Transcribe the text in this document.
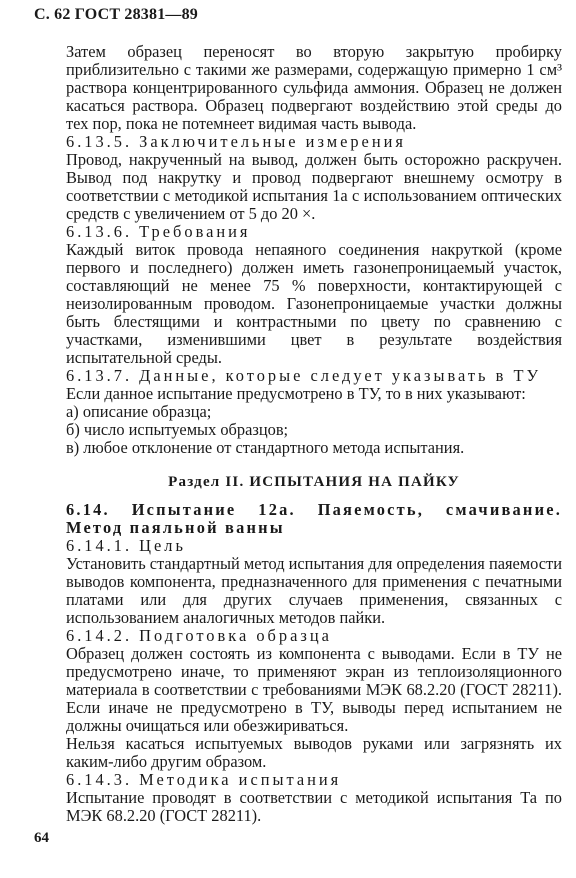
С. 62 ГОСТ 28381—89

Затем образец переносят во вторую закрытую пробирку приблизительно с такими же размерами, содержащую примерно 1 см³ раствора концентрированного сульфида аммония. Образец не должен касаться раствора. Образец подвергают воздействию этой среды до тех пор, пока не потемнеет видимая часть вывода.

6.13.5. Заключительные измерения

Провод, накрученный на вывод, должен быть осторожно раскручен. Вывод под накрутку и провод подвергают внешнему осмотру в соответствии с методикой испытания 1а с использованием оптических средств с увеличением от 5 до 20 ×.

6.13.6. Требования

Каждый виток провода непаяного соединения накруткой (кроме первого и последнего) должен иметь газонепроницаемый участок, составляющий не менее 75 % поверхности, контактирующей с неизолированным проводом. Газонепроницаемые участки должны быть блестящими и контрастными по цвету по сравнению с участками, изменившими цвет в результате воздействия испытательной среды.

6.13.7. Данные, которые следует указывать в ТУ

Если данное испытание предусмотрено в ТУ, то в них указывают:

а) описание образца;

б) число испытуемых образцов;

в) любое отклонение от стандартного метода испытания.

Раздел II. ИСПЫТАНИЯ НА ПАЙКУ

6.14. Испытание 12а. Паяемость, смачивание. Метод паяльной ванны

6.14.1. Цель

Установить стандартный метод испытания для определения паяемости выводов компонента, предназначенного для применения с печатными платами или для других случаев применения, связанных с использованием аналогичных методов пайки.

6.14.2. Подготовка образца

Образец должен состоять из компонента с выводами. Если в ТУ не предусмотрено иначе, то применяют экран из теплоизоляционного материала в соответствии с требованиями МЭК 68.2.20 (ГОСТ 28211). Если иначе не предусмотрено в ТУ, выводы перед испытанием не должны очищаться или обезжириваться.

Нельзя касаться испытуемых выводов руками или загрязнять их каким-либо другим образом.

6.14.3. Методика испытания

Испытание проводят в соответствии с методикой испытания Та по МЭК 68.2.20 (ГОСТ 28211).

64
